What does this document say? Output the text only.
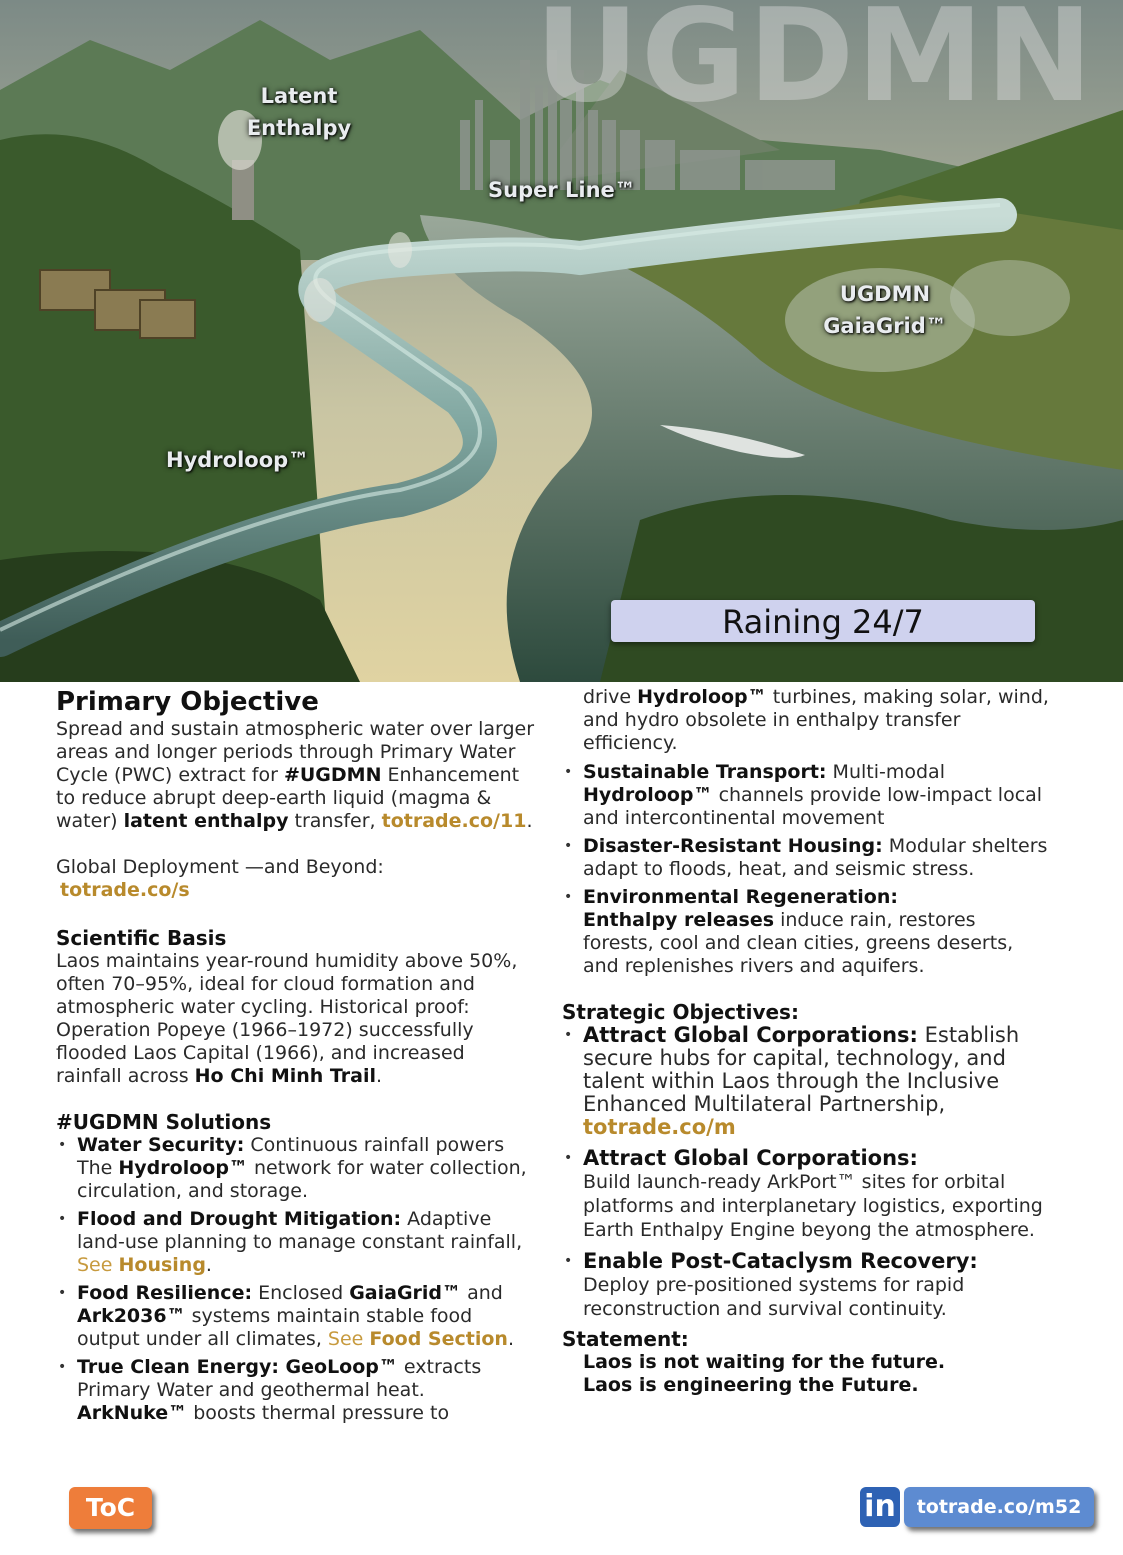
UGDMN
Latent Enthalpy
Super Line™
UGDMN
GaiaGrid™
Hydroloop™
Raining 24/7
Primary Objective

Spread and sustain atmospheric water over larger areas and longer periods through Primary Water Cycle (PWC) extract for #UGDMN Enhancement to reduce abrupt deep-earth liquid (magma & water) latent enthalpy transfer, totrade.co/11.

Global Deployment —and Beyond:

totrade.co/s

Scientific Basis

Laos maintains year-round humidity above 50%, often 70–95%, ideal for cloud formation and atmospheric water cycling. Historical proof: Operation Popeye (1966–1972) successfully flooded Laos Capital (1966), and increased rainfall across Ho Chi Minh Trail.

#UGDMN Solutions
• Water Security: Continuous rainfall powers The Hydroloop™ network for water collection, circulation, and storage.
• Flood and Drought Mitigation: Adaptive land-use planning to manage constant rainfall, See Housing.
• Food Resilience: Enclosed GaiaGrid™ and Ark2036™ systems maintain stable food output under all climates, See Food Section.
• True Clean Energy: GeoLoop™ extracts Primary Water and geothermal heat. ArkNuke™ boosts thermal pressure to

drive Hydroloop™ turbines, making solar, wind, and hydro obsolete in enthalpy transfer efficiency.

• Sustainable Transport: Multi-modal Hydroloop™ channels provide low-impact local and intercontinental movement
• Disaster-Resistant Housing: Modular shelters adapt to floods, heat, and seismic stress.
• Environmental Regeneration:
Enthalpy releases induce rain, restores forests, cool and clean cities, greens deserts, and replenishes rivers and aquifers.
Strategic Objectives:
• Attract Global Corporations: Establish secure hubs for capital, technology, and talent within Laos through the Inclusive Enhanced Multilateral Partnership, totrade.co/m
• Attract Global Corporations:
Build launch-ready ArkPort™ sites for orbital platforms and interplanetary logistics, exporting Earth Enthalpy Engine beyong the atmosphere.
• Enable Post-Cataclysm Recovery:
Deploy pre-positioned systems for rapid reconstruction and survival continuity.
Statement:

Laos is not waiting for the future.

Laos is engineering the Future.

ToC	in	totrade.co/m52
